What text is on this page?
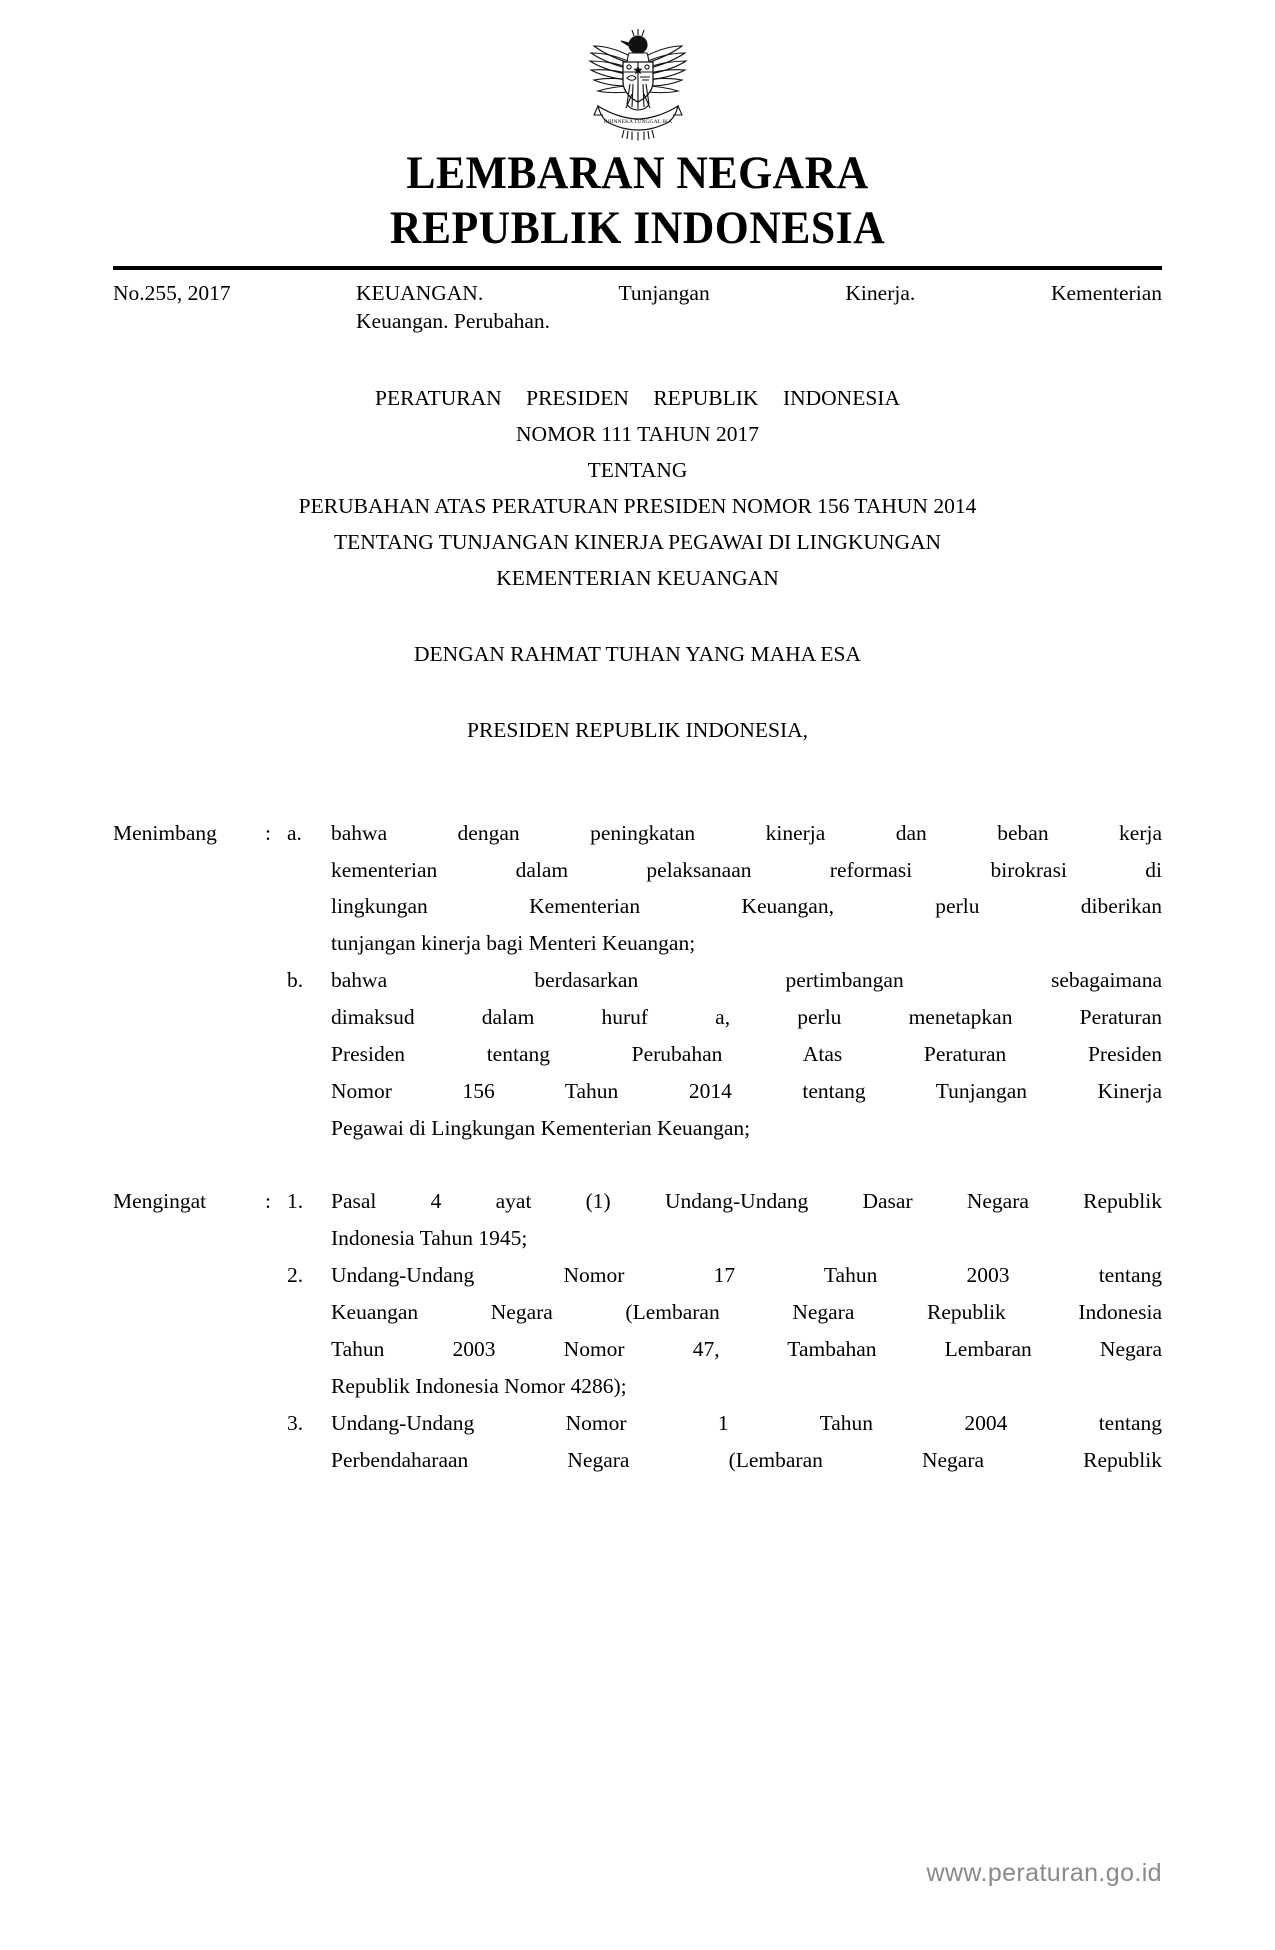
BHINNEKA TUNGGAL IKA
LEMBARAN NEGARA
REPUBLIK INDONESIA
No.255, 2017	KEUANGAN. Tunjangan Kinerja. Kementerian
Keuangan. Perubahan.
PERATURAN PRESIDEN REPUBLIK INDONESIA
NOMOR 111 TAHUN 2017
TENTANG
PERUBAHAN ATAS PERATURAN PRESIDEN NOMOR 156 TAHUN 2014
TENTANG TUNJANGAN KINERJA PEGAWAI DI LINGKUNGAN
KEMENTERIAN KEUANGAN
DENGAN RAHMAT TUHAN YANG MAHA ESA
PRESIDEN REPUBLIK INDONESIA,
Menimbang	: a.	bahwa dengan peningkatan kinerja dan beban kerja
kementerian dalam pelaksanaan reformasi birokrasi di
lingkungan Kementerian Keuangan, perlu diberikan
tunjangan kinerja bagi Menteri Keuangan;
b.	bahwa berdasarkan pertimbangan sebagaimana
dimaksud dalam huruf a, perlu menetapkan Peraturan
Presiden tentang Perubahan Atas Peraturan Presiden
Nomor 156 Tahun 2014 tentang Tunjangan Kinerja
Pegawai di Lingkungan Kementerian Keuangan;
Mengingat	: 1.	Pasal 4 ayat (1) Undang-Undang Dasar Negara Republik
Indonesia Tahun 1945;
2.	Undang-Undang Nomor 17 Tahun 2003 tentang
Keuangan Negara (Lembaran Negara Republik Indonesia
Tahun 2003 Nomor 47, Tambahan Lembaran Negara
Republik Indonesia Nomor 4286);
3.	Undang-Undang Nomor 1 Tahun 2004 tentang
Perbendaharaan Negara (Lembaran Negara Republik
www.peraturan.go.id
